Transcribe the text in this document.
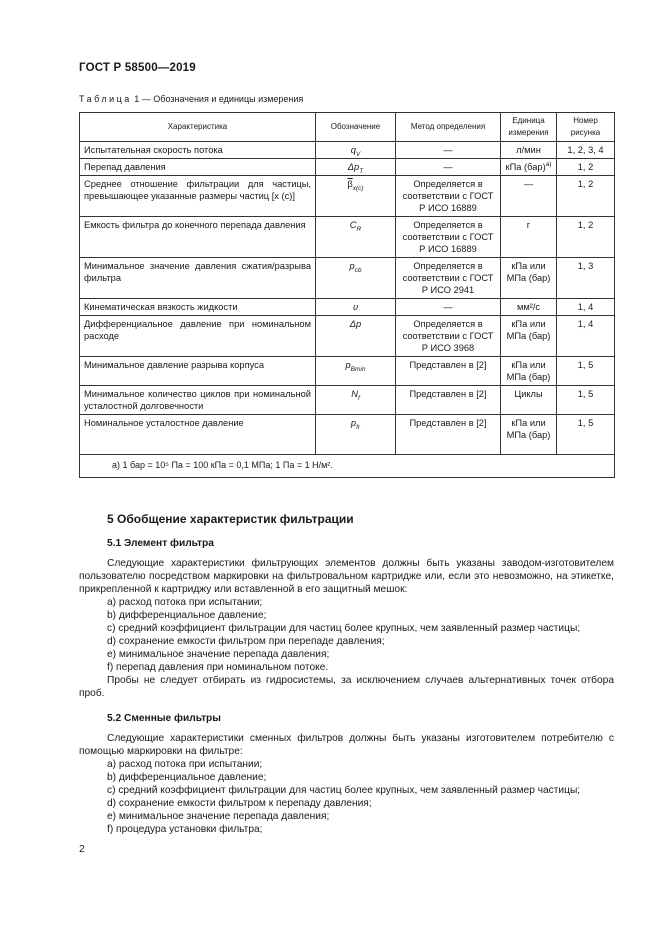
ГОСТ Р 58500—2019
Таблица 1 — Обозначения и единицы измерения
Характеристика	Обозначение	Метод определения	Единица измерения	Номер рисунка
Испытательная скорость потока	$q_V$	—	л/мин	1, 2, 3, 4
Перепад давления	$\Delta p_T$	—	кПа (бар)$^{а)}$	1, 2
Среднее отношение фильтрации для частицы, превышающее указанные размеры частиц [x (c)]	$\overline{\beta}_{x(c)}$	Определяется в соответствии с ГОСТ Р ИСО 16889	—	1, 2
Емкость фильтра до конечного перепада давления	$C_R$	Определяется в соответствии с ГОСТ Р ИСО 16889	г	1, 2
Минимальное значение давления сжатия/разрыва фильтра	$p_{cb}$	Определяется в соответствии с ГОСТ Р ИСО 2941	кПа или МПа (бар)	1, 3
Кинематическая вязкость жидкости	υ	—	мм²/с	1, 4
Дифференциальное давление при номинальном расходе	Δp	Определяется в соответствии с ГОСТ Р ИСО 3968	кПа или МПа (бар)	1, 4
Минимальное давление разрыва корпуса	$p_{Bmin}$	Представлен в [2]	кПа или МПа (бар)	1, 5
Минимальное количество циклов при номинальной усталостной долговечности	$N_f$	Представлен в [2]	Циклы	1, 5
Номинальное усталостное давление	$p_{fr}$	Представлен в [2]	кПа или МПа (бар)	1, 5
а) 1 бар = 10⁵ Па = 100 кПа = 0,1 МПа; 1 Па = 1 Н/м².				
5 Обобщение характеристик фильтрации
5.1 Элемент фильтра

Следующие характеристики фильтрующих элементов должны быть указаны заводом-изготовителем пользователю посредством маркировки на фильтровальном картридже или, если это невозможно, на этикетке, прикрепленной к картриджу или вставленной в его защитный мешок:

a) расход потока при испытании;
b) дифференциальное давление;
c) средний коэффициент фильтрации для частиц более крупных, чем заявленный размер частицы;
d) сохранение емкости фильтром при перепаде давления;
e) минимальное значение перепада давления;
f) перепад давления при номинальном потоке.

Пробы не следует отбирать из гидросистемы, за исключением случаев альтернативных точек отбора проб.

5.2 Сменные фильтры

Следующие характеристики сменных фильтров должны быть указаны изготовителем потребителю с помощью маркировки на фильтре:

a) расход потока при испытании;
b) дифференциальное давление;
c) средний коэффициент фильтрации для частиц более крупных, чем заявленный размер частицы;
d) сохранение емкости фильтром к перепаду давления;
e) минимальное значение перепада давления;
f) процедура установки фильтра;
2
